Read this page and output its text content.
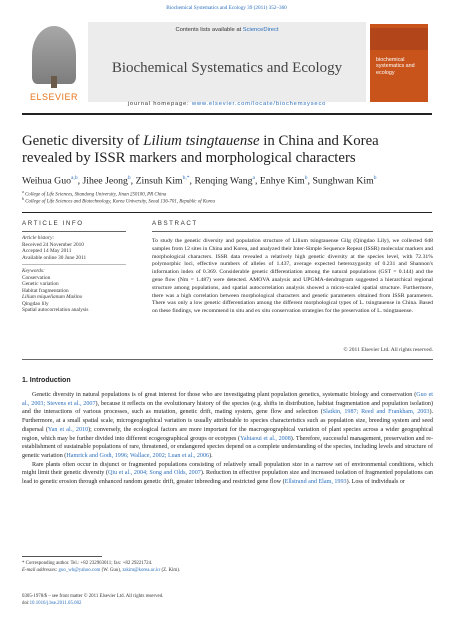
Biochemical Systematics and Ecology 39 (2011) 352–360
ELSEVIER
Contents lists available at ScienceDirect
Biochemical Systematics and Ecology
journal homepage: www.elsevier.com/locate/biochemsyseco
biochemical systematics and ecology
Genetic diversity of Lilium tsingtauense in China and Korea revealed by ISSR markers and morphological characters
Weihua Guo$^{a,b}$, Jihee Jeong$^b$, Zinsuh Kim$^{b,*}$, Renqing Wang$^a$, Enhye Kim$^b$, Sunghwan Kim$^b$
$^a$ College of Life Sciences, Shandong University, Jinan 250100, PR China
$^b$ College of Life Sciences and Biotechnology, Korea University, Seoul 136-701, Republic of Korea
ARTICLE INFO
Article history:
Received 24 November 2010
Accepted 14 May 2011
Available online 30 June 2011
Keywords:
Conservation
Genetic variation
Habitat fragmentation
Lilium miquelianum Makino
Qingdao lily
Spatial autocorrelation analysis
ABSTRACT
To study the genetic diversity and population structure of Lilium tsingtauense Gilg (Qingdao Lily), we collected 648 samples from 12 sites in China and Korea, and analyzed their Inter-Simple Sequence Repeat (ISSR) molecular markers and morphological characters. ISSR data revealed a relatively high genetic diversity at the species level, with 72.31% polymorphic loci, effective numbers of alleles of 1.437, average expected heterozygosity of 0.231 and Shannon's information index of 0.369. Considerable genetic differentiation among the natural populations (GST = 0.144) and the gene flow (Nm = 1.487) were detected. AMOVA analysis and UPGMA-dendrogram suggested a hierarchical regional structure among populations, and spatial autocorrelation analysis showed a micro-scaled spatial structure. Furthermore, there was a high correlation between morphological characters and genetic parameters obtained from ISSR parameters. There was only a low genetic differentiation among the different morphological types of L. tsingtauense in China. Based on these findings, we recommend in situ and ex situ conservation strategies for the preservation of L. tsingtauense.
© 2011 Elsevier Ltd. All rights reserved.
1. Introduction

Genetic diversity in natural populations is of great interest for those who are investigating plant population genetics, systematic biology and conservation (Guo et al., 2003; Stevens et al., 2007), because it reflects on the evolutionary history of the species (e.g. shifts in distribution, habitat fragmentation and population isolation) and the interactions of various processes, such as mutation, genetic drift, mating system, gene flow and selection (Slatkin, 1987; Reed and Frankham, 2003). Furthermore, at a small spatial scale, microgeographical variation is usually attributable to species characteristics such as population size, breeding system and seed dispersal (Yan et al., 2010); conversely, the ecological factors are more important for the macrogeographical variation of plant species across a wider geographical region, which may be further divided into different ecogeographical groups or ecotypes (Yahiaoui et al., 2008). Therefore, successful management, preservation and re-establishment of sustainable populations of rare, threatened, or endangered species depend on a complete understanding of the species, including levels and structure of genetic variation (Hamrick and Godt, 1996; Wallace, 2002; Luan et al., 2006).

Rare plants often occur in disjunct or fragmented populations consisting of relatively small population size in a narrow set of environmental conditions, which might limit their genetic diversity (Qiu et al., 2004; Song and Olds, 2007). Reduction in effective population size and increased isolation of fragmented populations can lead to genetic erosion through enhanced random genetic drift, greater inbreeding and restricted gene flow (Ellstrand and Elam, 1993). Loss of individuals or

* Corresponding author. Tel.: +82 232903011; fax: +82 29221724.
E-mail addresses: guo_wh@yahoo.com (W. Guo), zskim@korea.ac.kr (Z. Kim).
0305-1978/$ – see front matter © 2011 Elsevier Ltd. All rights reserved.
doi:10.1016/j.bse.2011.05.002
